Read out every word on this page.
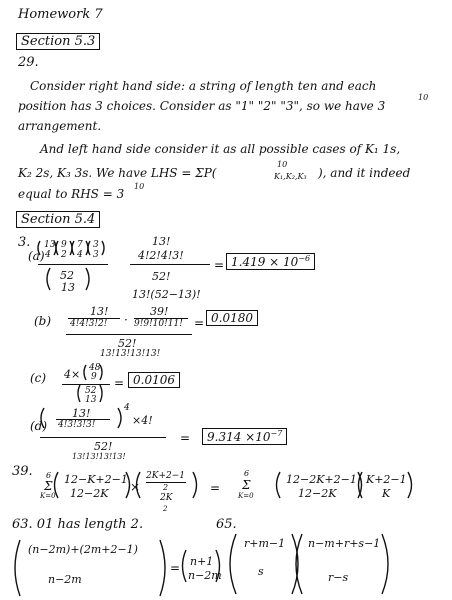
Homework 7
Section 5.3
29.
Consider right hand side: a string of length ten and each
position has 3 choices. Consider as "1" "2" "3", so we have 3
10
arrangement.
And left hand side consider it as all possible cases of K₁ 1s,
K₂ 2s, K₃ 3s. We have LHS = ΣP(
10
K₁,K₂,K₃ ), and it indeed
equal to RHS = 3
10
Section 5.4
3.
(a)
13
4
9
2
7
4
3
3
52
13
13!
4!2!4!3!
52!
13!(52−13)!
= $1.419 \times 10^{-6}$
(b)
13!
4!4!3!2! ·
39!
9!9!10!11!
52!
13!13!13!13!
= 0.0180
(c) 4× 48
9
52
13
= 0.0106
(d)
13!
4!3!3!3!
4
×4!
52!
13!13!13!13!
=	$9.314 \times 10^{-7}$
39. 6
Σ
K=0
12−K+2−1
12−2K ×
2K+2−1
2
2K
2
=
6
Σ
K=0
12−2K+2−1
12−2K
K+2−1
K
63. 01 has length 2.
(n−2m)+(2m+2−1)
n−2m
= n+1
n−2m
65.
r+m−1
s
n−m+r+s−1
r−s
